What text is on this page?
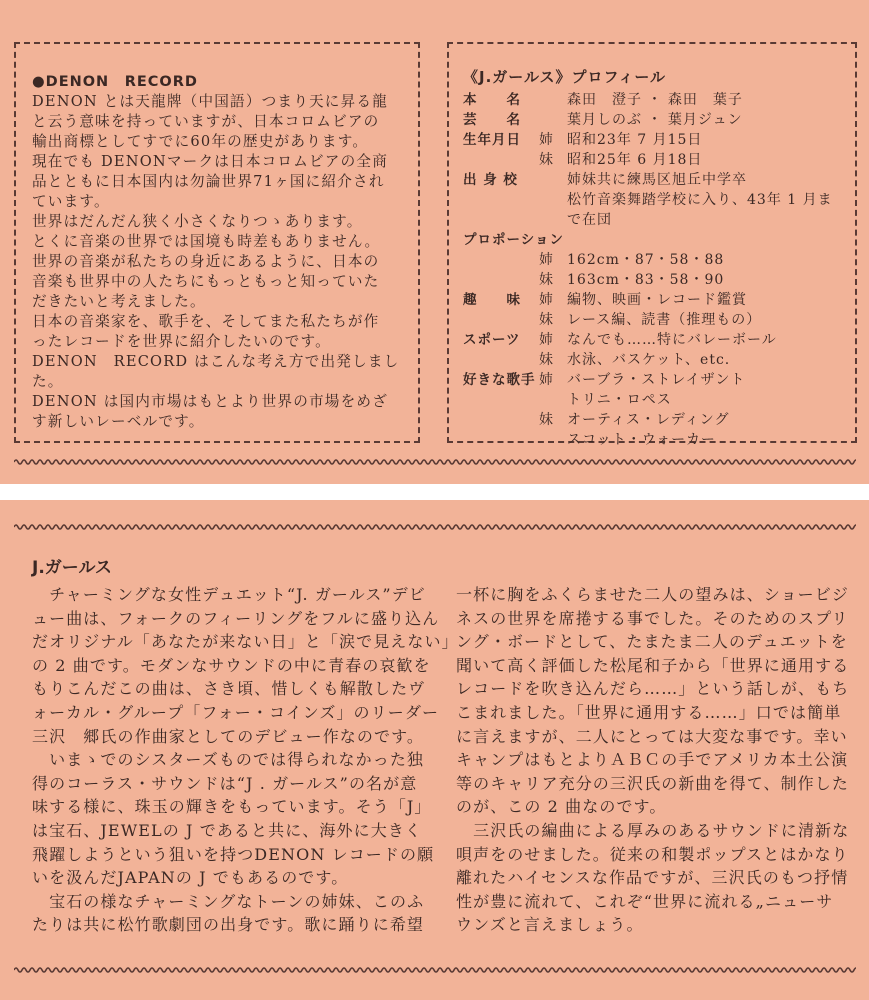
●DENON　RECORD
DENON とは天龍牌（中国語）つまり天に昇る龍
と云う意味を持っていますが、日本コロムビアの
輸出商標としてすでに60年の歴史があります。
現在でも DENONマークは日本コロムビアの全商
品とともに日本国内は勿論世界71ヶ国に紹介され
ています。
世界はだんだん狭く小さくなりつゝあります。
とくに音楽の世界では国境も時差もありません。
世界の音楽が私たちの身近にあるように、日本の
音楽も世界中の人たちにもっともっと知っていた
だきたいと考えました。
日本の音楽家を、歌手を、そしてまた私たちが作
ったレコードを世界に紹介したいのです。
DENON　RECORD はこんな考え方で出発しまし
た。
DENON は国内市場はもとより世界の市場をめざ
す新しいレーベルです。
《J.ガールス》プロフィール
本　　名	森田　澄子 ・ 森田　葉子
芸　　名	葉月しのぶ ・ 葉月ジュン
生年月日	姉 昭和23年 7 月15日
妹 昭和25年 6 月18日
出 身 校	姉妹共に練馬区旭丘中学卒
松竹音楽舞踏学校に入り、43年 1 月ま
で在団
プロポーション
姉 162cm・87・58・88
妹 163cm・83・58・90
趣　　味	姉 編物、映画・レコード鑑賞
妹 レース編、読書（推理もの）
スポーツ	姉 なんでも……特にバレーボール
妹 水泳、バスケット、etc.
好きな歌手 姉 バーブラ・ストレイザント
トリニ・ロペス
妹 オーティス・レディング
スコット・ウォーカー
J.ガールス
　チャーミングな女性デュエット“J. ガールス”デビ
ュー曲は、フォークのフィーリングをフルに盛り込ん
だオリジナル「あなたが来ない日」と「涙で見えない」
の 2 曲です。モダンなサウンドの中に青春の哀歓を
もりこんだこの曲は、さき頃、惜しくも解散したヴ
ォーカル・グループ「フォー・コインズ」のリーダー
三沢　郷氏の作曲家としてのデビュー作なのです。
　いまゝでのシスターズものでは得られなかった独
得のコーラス・サウンドは“J . ガールス”の名が意
味する様に、珠玉の輝きをもっています。そう「J」
は宝石、JEWELの J であると共に、海外に大きく
飛躍しようという狙いを持つDENON レコードの願
いを汲んだJAPANの J でもあるのです。
　宝石の様なチャーミングなトーンの姉妹、このふ
たりは共に松竹歌劇団の出身です。歌に踊りに希望
一杯に胸をふくらませた二人の望みは、ショービジ
ネスの世界を席捲する事でした。そのためのスプリ
ング・ボードとして、たまたま二人のデュエットを
聞いて高く評価した松尾和子から「世界に通用する
レコードを吹き込んだら……」という話しが、もち
こまれました。「世界に通用する……」口では簡単
に言えますが、二人にとっては大変な事です。幸い
キャンプはもとよりＡＢＣの手でアメリカ本土公演
等のキャリア充分の三沢氏の新曲を得て、制作した
のが、この 2 曲なのです。
　三沢氏の編曲による厚みのあるサウンドに清新な
唄声をのせました。従来の和製ポップスとはかなり
離れたハイセンスな作品ですが、三沢氏のもつ抒情
性が豊に流れて、これぞ“世界に流れる„ニューサ
ウンズと言えましょう。
